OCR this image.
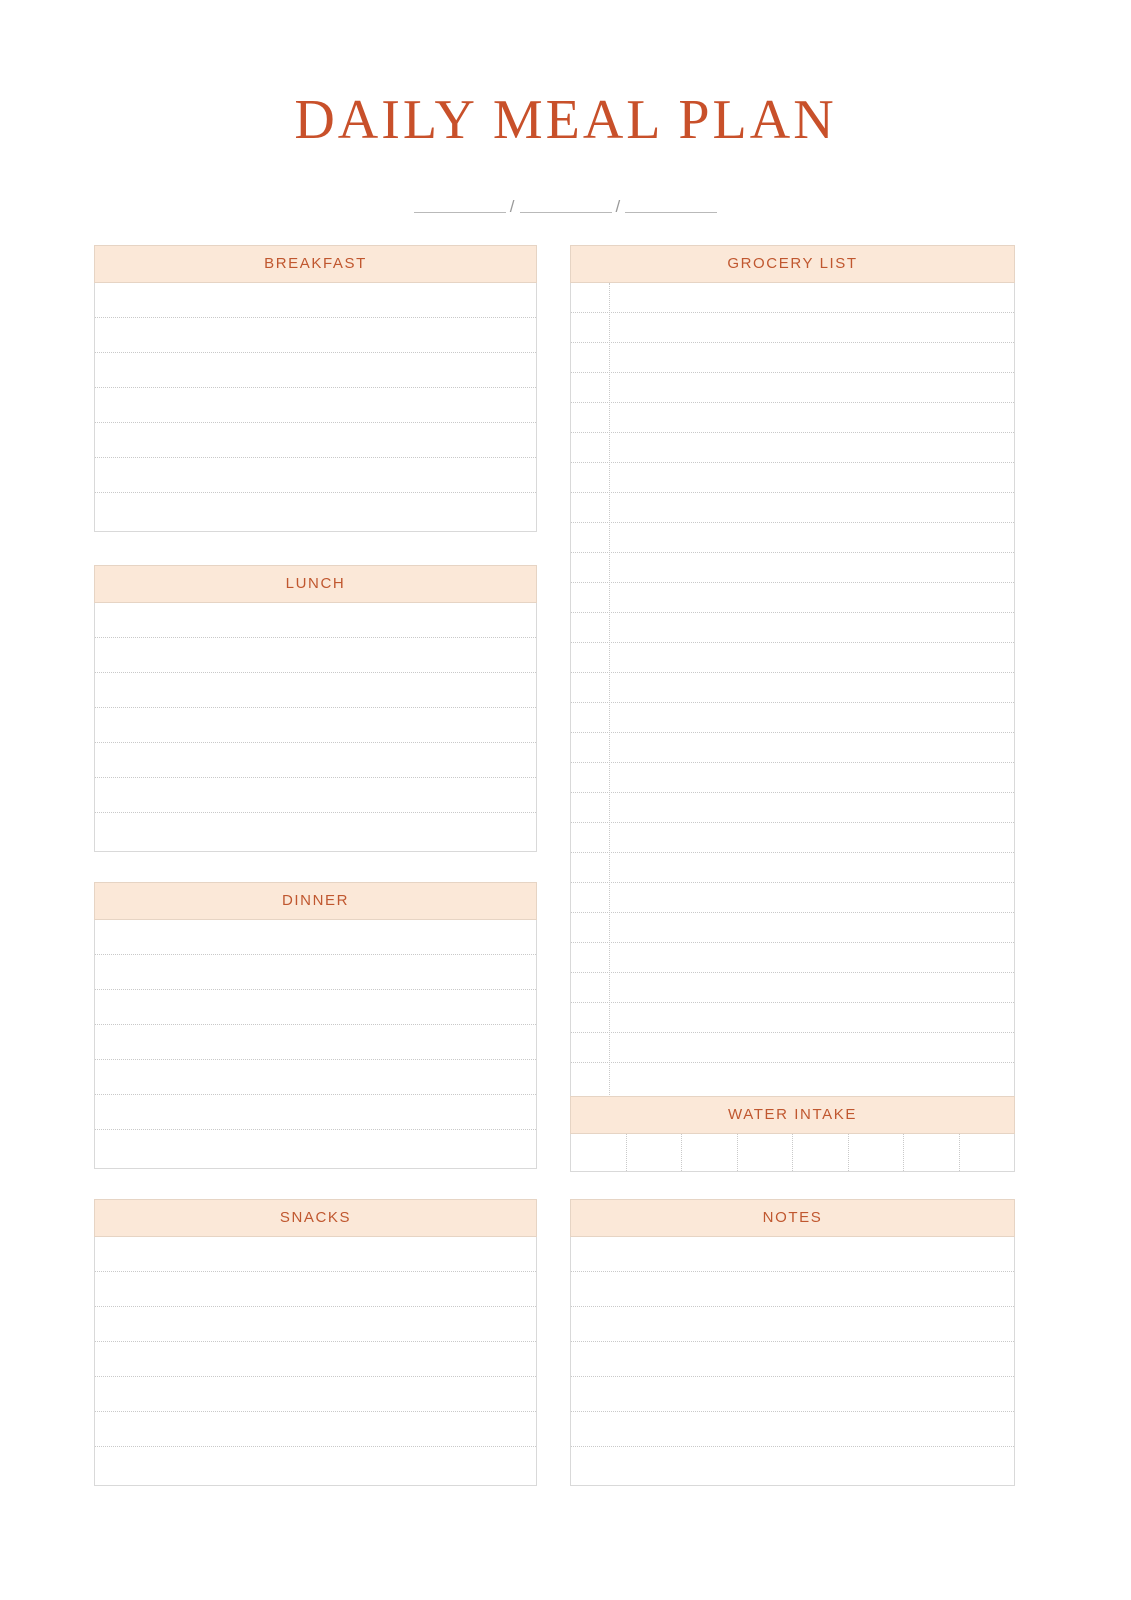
DAILY MEAL PLAN
/	/
BREAKFAST
LUNCH
DINNER
SNACKS
GROCERY LIST
WATER INTAKE
NOTES
